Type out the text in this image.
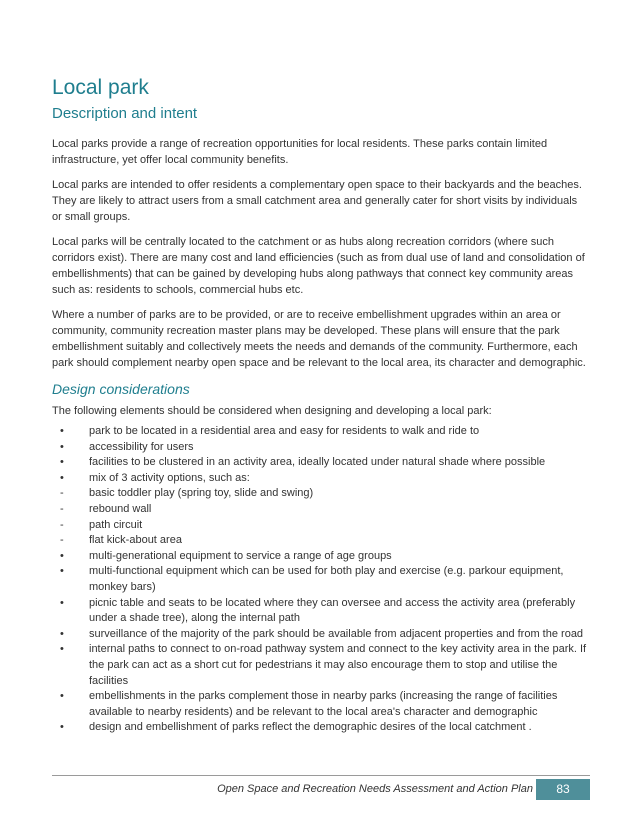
Local park
Description and intent

Local parks provide a range of recreation opportunities for local residents. These parks contain limited infrastructure, yet offer local community benefits.

Local parks are intended to offer residents a complementary open space to their backyards and the beaches. They are likely to attract users from a small catchment area and generally cater for short visits by individuals or small groups.

Local parks will be centrally located to the catchment or as hubs along recreation corridors (where such corridors exist). There are many cost and land efficiencies (such as from dual use of land and consolidation of embellishments) that can be gained by developing hubs along pathways that connect key community areas such as: residents to schools, commercial hubs etc.

Where a number of parks are to be provided, or are to receive embellishment upgrades within an area or community, community recreation master plans may be developed. These plans will ensure that the park embellishment suitably and collectively meets the needs and demands of the community. Furthermore, each park should complement nearby open space and be relevant to the local area, its character and demographic.

Design considerations

The following elements should be considered when designing and developing a local park:

•	park to be located in a residential area and easy for residents to walk and ride to
•	accessibility for users
•	facilities to be clustered in an activity area, ideally located under natural shade where possible
•	mix of 3 activity options, such as:
-	basic toddler play (spring toy, slide and swing)
-	rebound wall
-	path circuit
-	flat kick-about area
•	multi-generational equipment to service a range of age groups
•	multi-functional equipment which can be used for both play and exercise (e.g. parkour equipment, monkey bars)
•	picnic table and seats to be located where they can oversee and access the activity area (preferably under a shade tree), along the internal path
•	surveillance of the majority of the park should be available from adjacent properties and from the road
•	internal paths to connect to on-road pathway system and connect to the key activity area in the park. If the park can act as a short cut for pedestrians it may also encourage them to stop and utilise the facilities
•	embellishments in the parks complement those in nearby parks (increasing the range of facilities available to nearby residents) and be relevant to the local area's character and demographic
•	design and embellishment of parks reflect the demographic desires of the local catchment .
Open Space and Recreation Needs Assessment and Action Plan	83
